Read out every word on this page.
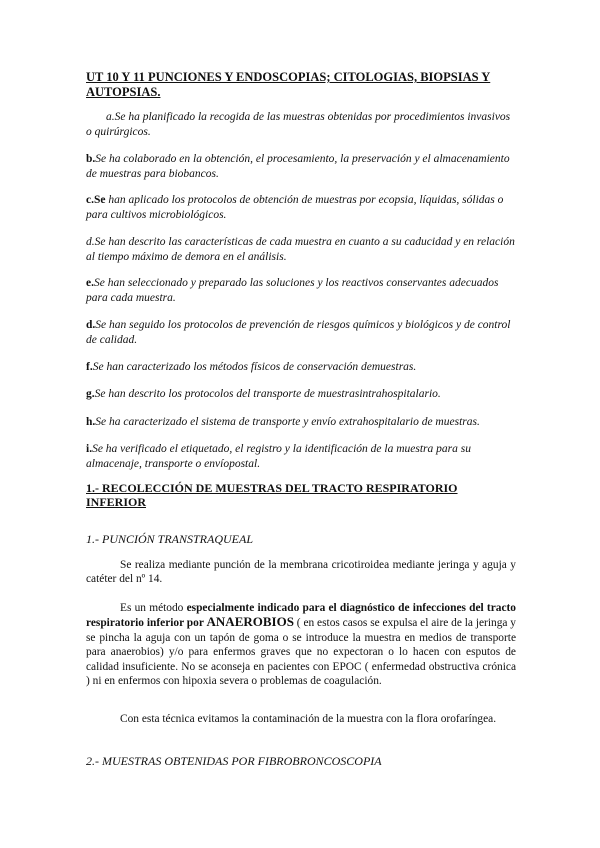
UT 10 Y 11 PUNCIONES Y ENDOSCOPIAS; CITOLOGIAS, BIOPSIAS Y AUTOPSIAS.
a.Se ha planificado la recogida de las muestras obtenidas por procedimientos invasivos o quirúrgicos.
b.Se ha colaborado en la obtención, el procesamiento, la preservación y el almacenamiento de muestras para biobancos.
c.Se han aplicado los protocolos de obtención de muestras por ecopsia, líquidas, sólidas o para cultivos microbiológicos.
d.Se han descrito las características de cada muestra en cuanto a su caducidad y en relación al tiempo máximo de demora en el análisis.
e.Se han seleccionado y preparado las soluciones y los reactivos conservantes adecuados para cada muestra.
d.Se han seguido los protocolos de prevención de riesgos químicos y biológicos y de control de calidad.
f.Se han caracterizado los métodos físicos de conservación demuestras.
g.Se han descrito los protocolos del transporte de muestrasintrahospitalario.
h.Se ha caracterizado el sistema de transporte y envío extrahospitalario de muestras.
i.Se ha verificado el etiquetado, el registro y la identificación de la muestra para su almacenaje, transporte o envíopostal.
1.- RECOLECCIÓN DE MUESTRAS DEL TRACTO RESPIRATORIO INFERIOR
1.- PUNCIÓN TRANSTRAQUEAL
Se realiza mediante punción de la membrana cricotiroidea mediante jeringa y aguja y catéter del nº 14.
Es un método especialmente indicado para el diagnóstico de infecciones del tracto respiratorio inferior por ANAEROBIOS ( en estos casos se expulsa el aire de la jeringa y se pincha la aguja con un tapón de goma o se introduce la muestra en medios de transporte para anaerobios) y/o para enfermos graves que no expectoran o lo hacen con esputos de calidad insuficiente. No se aconseja en pacientes con EPOC ( enfermedad obstructiva crónica ) ni en enfermos con hipoxia severa o problemas de coagulación.
Con esta técnica evitamos la contaminación de la muestra con la flora orofaríngea.
2.- MUESTRAS OBTENIDAS POR FIBROBRONCOSCOPIA
